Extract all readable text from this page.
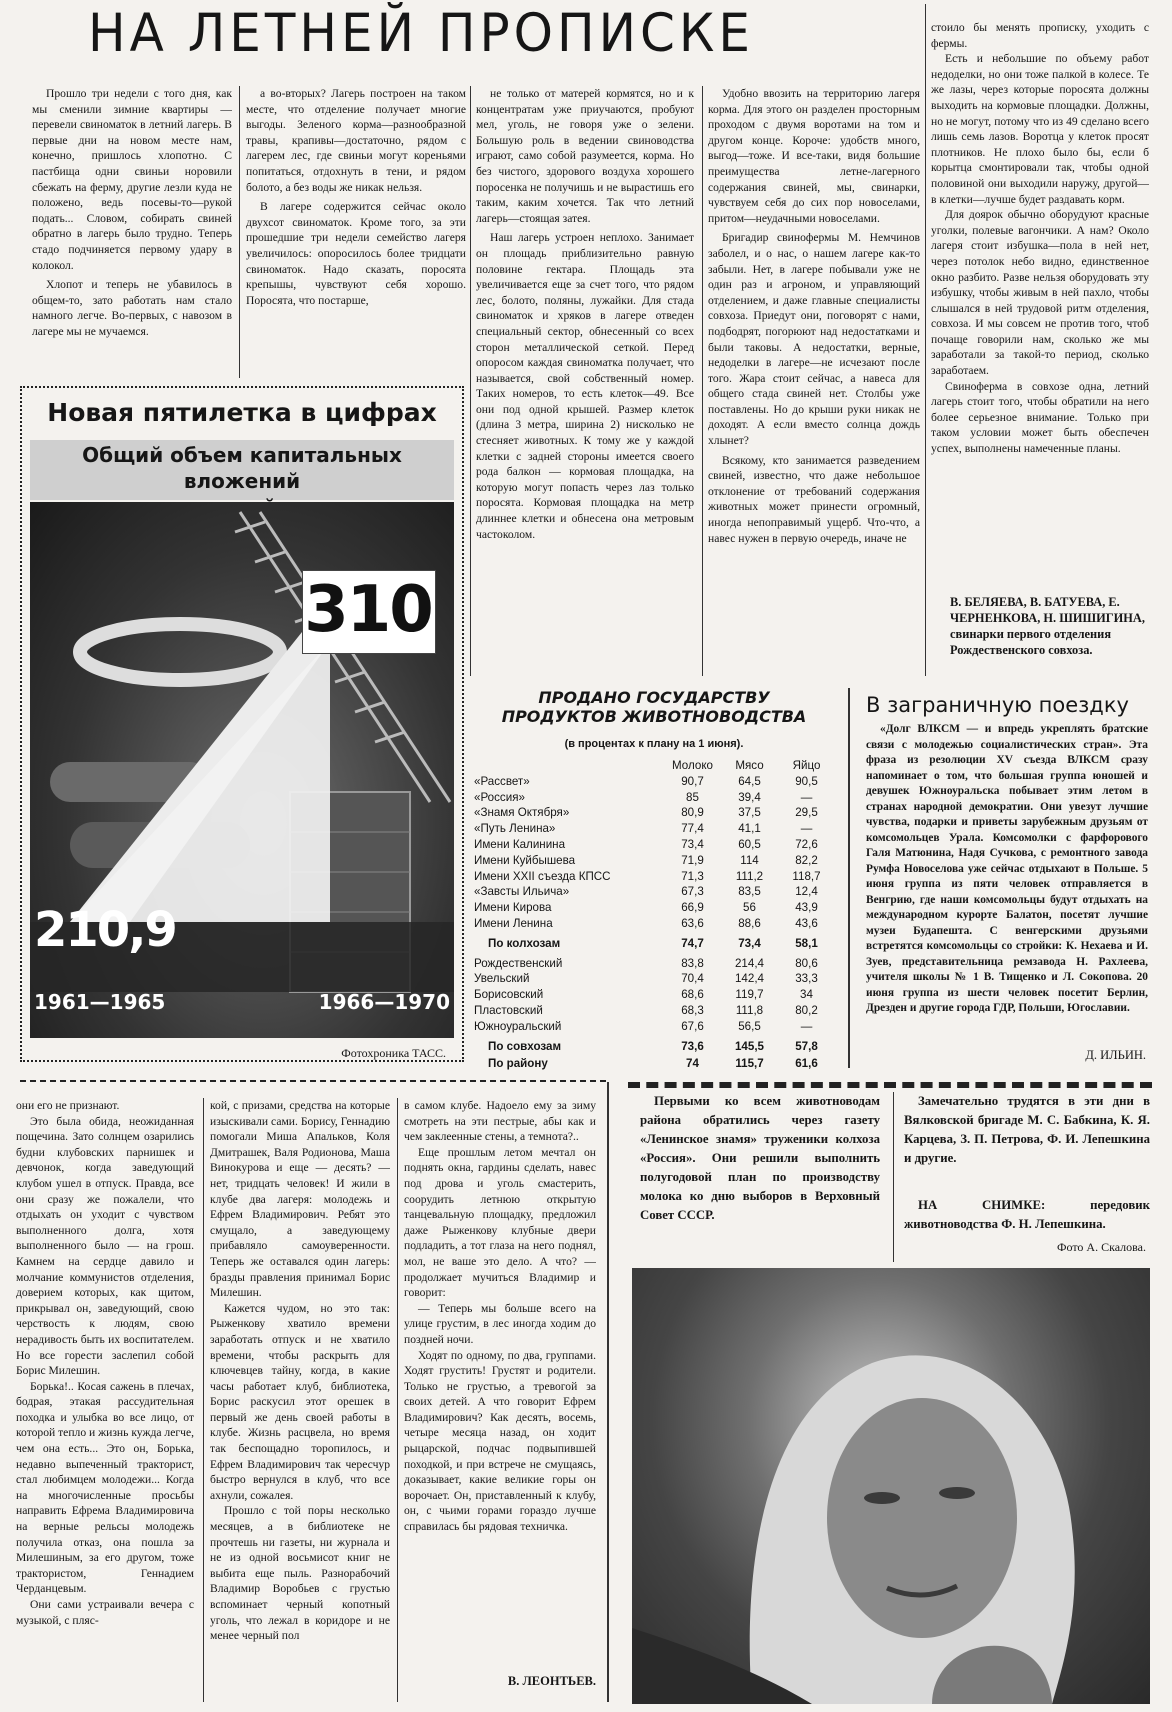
НА ЛЕТНЕЙ ПРОПИСКЕ

Прошло три недели с того дня, как мы сменили зимние квартиры —перевели свиноматок в летний лагерь. В первые дни на новом месте нам, конечно, пришлось хлопотно. С пастбища одни свиньи норовили сбежать на ферму, другие лезли куда не положено, ведь посевы-то—рукой подать... Словом, собирать свиней обратно в лагерь было трудно. Теперь стадо подчиняется первому удару в колокол.

Хлопот и теперь не убавилось в общем-то, зато работать нам стало намного легче. Во-первых, с навозом в лагере мы не мучаемся.

а во-вторых? Лагерь построен на таком месте, что отделение получает многие выгоды. Зеленого корма—разнообразной травы, крапивы—достаточно, рядом с лагерем лес, где свиньи могут кореньями попитаться, отдохнуть в тени, и рядом болото, а без воды же никак нельзя.

В лагере содержится сейчас около двухсот свиноматок. Кроме того, за эти прошедшие три недели семейство лагеря увеличилось: опоросилось более тридцати свиноматок. Надо сказать, поросята крепышы, чувствуют себя хорошо. Поросята, что постарше,

не только от матерей кормятся, но и к концентратам уже приучаются, пробуют мел, уголь, не говоря уже о зелени. Большую роль в ведении свиноводства играют, само собой разумеется, корма. Но без чистого, здорового воздуха хорошего поросенка не получишь и не вырастишь его таким, каким хочется. Так что летний лагерь—стоящая затея.

Наш лагерь устроен неплохо. Занимает он площадь приблизительно равную половине гектара. Площадь эта увеличивается еще за счет того, что рядом лес, болото, поляны, лужайки. Для стада свиноматок и хряков в лагере отведен специальный сектор, обнесенный со всех сторон металлической сеткой. Перед опоросом каждая свиноматка получает, что называется, свой собственный номер. Таких номеров, то есть клеток—49. Все они под одной крышей. Размер клеток (длина 3 метра, ширина 2) нисколько не стесняет животных. К тому же у каждой клетки с задней стороны имеется своего рода балкон — кормовая площадка, на которую могут попасть через лаз только поросята. Кормовая площадка на метр длиннее клетки и обнесена она метровым частоколом.

Удобно ввозить на территорию лагеря корма. Для этого он разделен просторным проходом с двумя воротами на том и другом конце. Короче: удобств много, выгод—тоже. И все-таки, видя большие преимущества летне-лагерного содержания свиней, мы, свинарки, чувствуем себя до сих пор новоселами, притом—неудачными новоселами.

Бригадир свинофермы М. Немчинов заболел, и о нас, о нашем лагере как-то забыли. Нет, в лагере побывали уже не один раз и агроном, и управляющий отделением, и даже главные специалисты совхоза. Приедут они, поговорят с нами, подбодрят, погорюют над недостатками и были таковы. А недостатки, верные, недоделки в лагере—не исчезают после того. Жара стоит сейчас, а навеса для общего стада свиней нет. Столбы уже поставлены. Но до крыши руки никак не доходят. А если вместо солнца дождь хлынет?

Всякому, кто занимается разведением свиней, известно, что даже небольшое отклонение от требований содержания животных может принести огромный, иногда непоправимый ущерб. Что-что, а навес нужен в первую очередь, иначе не

стоило бы менять прописку, уходить с фермы.

Есть и небольшие по объему работ недоделки, но они тоже палкой в колесе. Те же лазы, через которые поросята должны выходить на кормовые площадки. Должны, но не могут, потому что из 49 сделано всего лишь семь лазов. Воротца у клеток просят плотников. Не плохо было бы, если б корытца смонтировали так, чтобы одной половиной они выходили наружу, другой—в клетки—лучше будет раздавать корм.

Для доярок обычно оборудуют красные уголки, полевые вагончики. А нам? Около лагеря стоит избушка—пола в ней нет, через потолок небо видно, единственное окно разбито. Разве нельзя оборудовать эту избушку, чтобы живым в ней пахло, чтобы слышался в ней трудовой ритм отделения, совхоза. И мы совсем не против того, чтоб почаще говорили нам, сколько же мы заработали за такой-то период, сколько заработаем.

Свиноферма в совхозе одна, летний лагерь стоит того, чтобы обратили на него более серьезное внимание. Только при таком условии может быть обеспечен успех, выполнены намеченные планы.

В. БЕЛЯЕВА, В. БАТУЕВА, Е. ЧЕРНЕНКОВА, Н. ШИШИГИНА, свинарки первого отделения Рождественского совхоза.
Новая пятилетка в цифрах
Общий объем капитальных вложений
310
210,9
1961—1965	1966—1970
Фотохроника ТАСС.
ПРОДАНО ГОСУДАРСТВУ
ПРОДУКТОВ ЖИВОТНОВОДСТВА
(в процентах к плану на 1 июня).
Молоко	Мясо	Яйцо
«Рассвет»	90,7	64,5	90,5
«Россия»	85	39,4	—
«Знамя Октября»	80,9	37,5	29,5
«Путь Ленина»	77,4	41,1	—
Имени Калинина	73,4	60,5	72,6
Имени Куйбышева	71,9	114	82,2
Имени XXII съезда КПСС	71,3	111,2	118,7
«Завсты Ильича»	67,3	83,5	12,4
Имени Кирова	66,9	56	43,9
Имени Ленина	63,6	88,6	43,6
По колхозам	74,7	73,4	58,1
Рождественский	83,8	214,4	80,6
Увельский	70,4	142,4	33,3
Борисовский	68,6	119,7	34
Пластовский	68,3	111,8	80,2
Южноуральский	67,6	56,5	—
По совхозам	73,6	145,5	57,8
По району	74	115,7	61,6
В заграничную поездку

«Долг ВЛКСМ — и впредь укреплять братские связи с молодежью социалистических стран». Эта фраза из резолюции XV съезда ВЛКСМ сразу напоминает о том, что большая группа юношей и девушек Южноуральска побывает этим летом в странах народной демократии. Они увезут лучшие чувства, подарки и приветы зарубежным друзьям от комсомольцев Урала. Комсомолки с фарфорового Галя Матюнина, Надя Сучкова, с ремонтного завода Румфа Новоселова уже сейчас отдыхают в Польше. 5 июня группа из пяти человек отправляется в Венгрию, где наши комсомольцы будут отдыхать на международном курорте Балатон, посетят лучшие музеи Будапешта. С венгерскими друзьями встретятся комсомольцы со стройки: К. Нехаева и И. Зуев, представительница ремзавода Н. Рахлеева, учителя школы № 1 В. Тищенко и Л. Сокопова. 20 июня группа из шести человек посетит Берлин, Дрезден и другие города ГДР, Польши, Югославии.

Д. ИЛЬИН.

они его не признают.

Это была обида, неожиданная пощечина. Зато солнцем озарились будни клубовских парнишек и девчонок, когда заведующий клубом ушел в отпуск. Правда, все они сразу же пожалели, что отдыхать он уходит с чувством выполненного долга, хотя выполненного было — на грош. Камнем на сердце давило и молчание коммунистов отделения, доверием которых, как щитом, прикрывал он, заведующий, свою черствость к людям, свою нерадивость быть их воспитателем. Но все горести заслепил собой Борис Милешин.

Борька!.. Косая сажень в плечах, бодрая, этакая рассудительная походка и улыбка во все лицо, от которой тепло и жизнь кужда легче, чем она есть... Это он, Борька, недавно выпеченный тракторист, стал любимцем молодежи... Когда на многочисленные просьбы направить Ефрема Владимировича на верные рельсы молодежь получила отказ, она пошла за Милешиным, за его другом, тоже трактористом, Геннадием Черданцевым.

Они сами устраивали вечера с музыкой, с пляс-

кой, с призами, средства на которые изыскивали сами. Борису, Геннадию помогали Миша Апальков, Коля Дмитрашек, Валя Родионова, Маша Винокурова и еще — десять? — нет, тридцать человек! И жили в клубе два лагеря: молодежь и Ефрем Владимирович. Ребят это смущало, а заведующему прибавляло самоуверенности. Теперь же оставался один лагерь: бразды правления принимал Борис Милешин.

Кажется чудом, но это так: Рыженкову хватило времени заработать отпуск и не хватило времени, чтобы раскрыть для ключевцев тайну, когда, в какие часы работает клуб, библиотека, Борис раскусил этот орешек в первый же день своей работы в клубе. Жизнь расцвела, но время так беспощадно торопилось, и Ефрем Владимирович так чересчур быстро вернулся в клуб, что все ахнули, сожалея.

Прошло с той поры несколько месяцев, а в библиотеке не прочтешь ни газеты, ни журнала и не из одной восьмисот книг не выбита еще пыль. Разнорабочий Владимир Воробьев с грустью вспоминает черный копотный уголь, что лежал в коридоре и не менее черный пол

в самом клубе. Надоело ему за зиму смотреть на эти пестрые, абы как и чем заклеенные стены, а темнота?..

Еще прошлым летом мечтал он поднять окна, гардины сделать, навес под дрова и уголь смастерить, соорудить летнюю открытую танцевальную площадку, предложил даже Рыженкову клубные двери подладить, а тот глаза на него поднял, мол, не ваше это дело. А что? — продолжает мучиться Владимир и говорит:

— Теперь мы больше всего на улице грустим, в лес иногда ходим до поздней ночи.

Ходят по одному, по два, группами. Ходят грустить! Грустят и родители. Только не грустью, а тревогой за своих детей. А что говорит Ефрем Владимирович? Как десять, восемь, четыре месяца назад, он ходит рыцарской, подчас подвыпившей походкой, и при встрече не смущаясь, доказывает, какие великие горы он ворочает. Он, приставленный к клубу, он, с чьими горами гораздо лучше справилась бы рядовая техничка.

В. ЛЕОНТЬЕВ.

Первыми ко всем животноводам района обратились через газету «Ленинское знамя» труженики колхоза «Россия». Они решили выполнить полугодовой план по производству молока ко дню выборов в Верховный Совет СССР.

Замечательно трудятся в эти дни в Вялковской бригаде М. С. Бабкина, К. Я. Карцева, З. П. Петрова, Ф. И. Лепешкина и другие.

НА СНИМКЕ: передовик животноводства Ф. Н. Лепешкина.

Фото А. Скалова.
